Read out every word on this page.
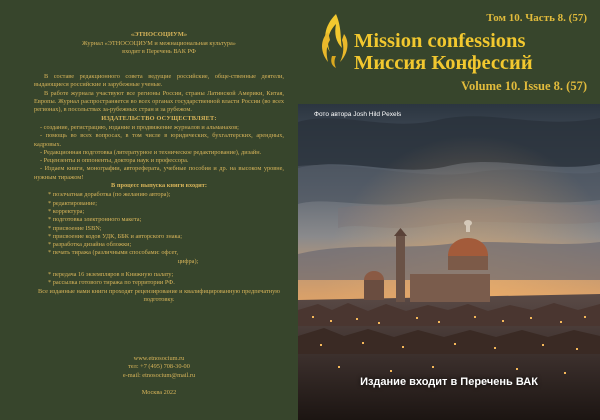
«ЭТНОСОЦИУМ»

Журнал «ЭТНОСОЦИУМ и межнациональная культура»

входит в Перечень ВАК РФ

В составе редакционного совета ведущие российские, обще-ственные деятели, выдающиеся российские и зарубежные ученые.

В работе журнала участвуют все регионы России, страны Латинской Америки, Китая, Европы. Журнал распространяется во всех органах государственной власти России (во всех регионах), в посольствах за-рубежных стран и за рубежом.

ИЗДАТЕЛЬСТВО ОСУЩЕСТВЛЯЕТ:

- создание, регистрацию, издание и продвижение журналов и альманахов;

- помощь во всех вопросах, в том числе в юридических, бухгалтерских, арендных, кадровых.

- Редакционная подготовка (литературное и техническое редактирование), дизайн.

- Рецензенты и оппоненты, доктора наук и профессора.

- Издаем книги, монографии, автореферата, учебные пособия и др. на высоком уровне, нужным тиражом!

В процесс выпуска книги входит:

* поэлчатная доработка (по желанию автора);

* редактирование;

* корректура;

* подготовка электронного макета;

* присвоение ISBN;

* присвоение кодов УДК, ББК и авторского знака;

* разработка дизайна обложки;

* печать тиража (различными способами: офсет,

цифра);

* передача 16 экземпляров в Книжную палату;

* рассылка готового тиража по территории РФ.

Все изданные нами книги проходят рецензирование и квалифицированную предпечатную подготовку.

www.etnosocium.ru

тел: +7 (495) 708-30-00

e-mail: etnosocium@mail.ru

Москва 2022

Том 10. Часть 8. (57)
Mission confessions
Миссия Конфессий
Volume 10. Issue 8. (57)
Фото автора Josh Hild Pexels
Издание входит в Перечень ВАК
